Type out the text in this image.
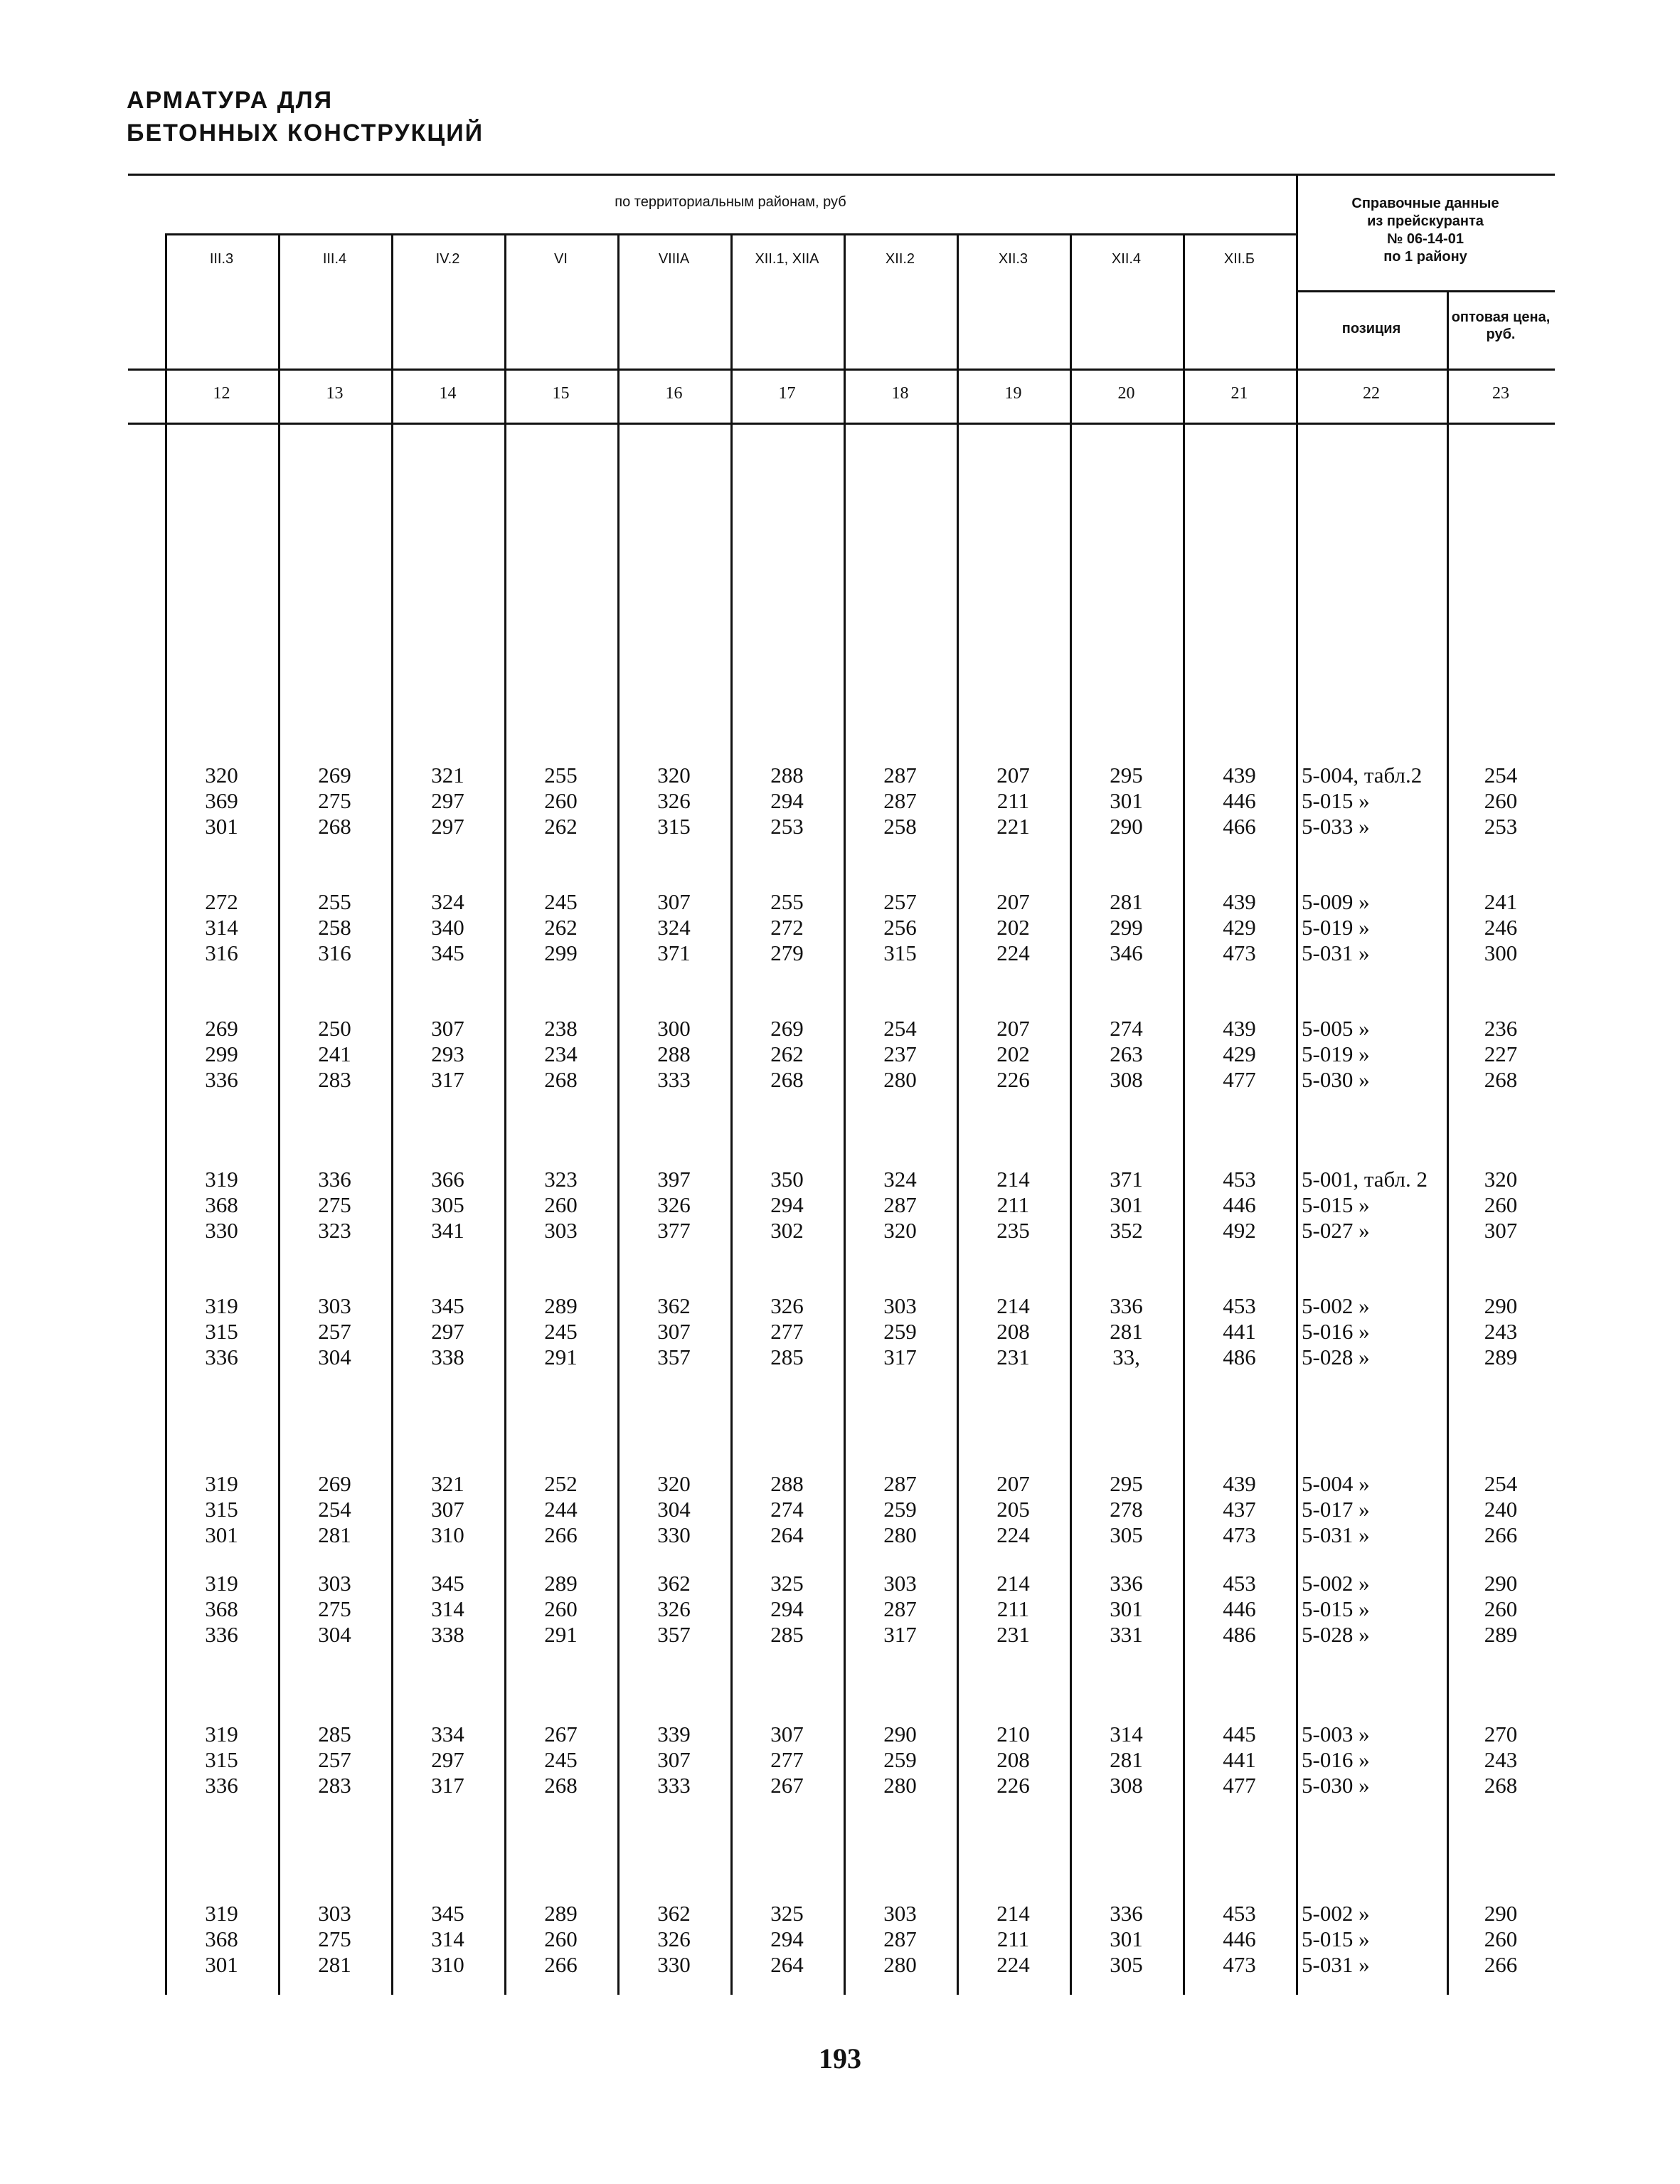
АРМАТУРА ДЛЯ
БЕТОННЫХ КОНСТРУКЦИЙ
по территориальным районам, руб	Справочные данные
из прейскуранта
№ 06-14-01
по 1 району
III.3	III.4	IV.2	VI	VIIIA	XII.1, XIIA	XII.2	XII.3	XII.4	XII.Б
позиция
оптовая цена, руб.
12	13	14	15	16	17	18	19	20	21	22	23
320	269	321	255	320	288	287	207	295	439	5-004, табл.2	254
369	275	297	260	326	294	287	211	301	446	5-015 »	260
301	268	297	262	315	253	258	221	290	466	5-033 »	253
272	255	324	245	307	255	257	207	281	439	5-009 »	241
314	258	340	262	324	272	256	202	299	429	5-019 »	246
316	316	345	299	371	279	315	224	346	473	5-031 »	300
269	250	307	238	300	269	254	207	274	439	5-005 »	236
299	241	293	234	288	262	237	202	263	429	5-019 »	227
336	283	317	268	333	268	280	226	308	477	5-030 »	268
319	336	366	323	397	350	324	214	371	453	5-001, табл. 2	320
368	275	305	260	326	294	287	211	301	446	5-015 »	260
330	323	341	303	377	302	320	235	352	492	5-027 »	307
319	303	345	289	362	326	303	214	336	453	5-002 »	290
315	257	297	245	307	277	259	208	281	441	5-016 »	243
336	304	338	291	357	285	317	231	33,	486	5-028 »	289
319	269	321	252	320	288	287	207	295	439	5-004 »	254
315	254	307	244	304	274	259	205	278	437	5-017 »	240
301	281	310	266	330	264	280	224	305	473	5-031 »	266
319	303	345	289	362	325	303	214	336	453	5-002 »	290
368	275	314	260	326	294	287	211	301	446	5-015 »	260
336	304	338	291	357	285	317	231	331	486	5-028 »	289
319	285	334	267	339	307	290	210	314	445	5-003 »	270
315	257	297	245	307	277	259	208	281	441	5-016 »	243
336	283	317	268	333	267	280	226	308	477	5-030 »	268
319	303	345	289	362	325	303	214	336	453	5-002 »	290
368	275	314	260	326	294	287	211	301	446	5-015 »	260
301	281	310	266	330	264	280	224	305	473	5-031 »	266
193
